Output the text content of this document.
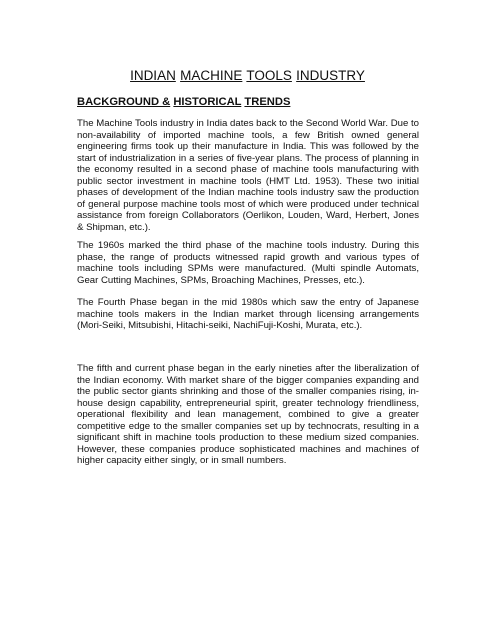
INDIAN MACHINE TOOLS INDUSTRY
BACKGROUND & HISTORICAL TRENDS

The Machine Tools industry in India dates back to the Second World War. Due to non-availability of imported machine tools, a few British owned general engineering firms took up their manufacture in India. This was followed by the start of industrialization in a series of five-year plans. The process of planning in the economy resulted in a second phase of machine tools manufacturing with public sector investment in machine tools (HMT Ltd. 1953). These two initial phases of development of the Indian machine tools industry saw the production of general purpose machine tools most of which were produced under technical assistance from foreign Collaborators (Oerlikon, Louden, Ward, Herbert, Jones & Shipman, etc.).

The 1960s marked the third phase of the machine tools industry. During this phase, the range of products witnessed rapid growth and various types of machine tools including SPMs were manufactured. (Multi spindle Automats, Gear Cutting Machines, SPMs, Broaching Machines, Presses, etc.).

The Fourth Phase began in the mid 1980s which saw the entry of Japanese machine tools makers in the Indian market through licensing arrangements (Mori-Seiki, Mitsubishi, Hitachi-seiki, NachiFuji-Koshi, Murata, etc.).

The fifth and current phase began in the early nineties after the liberalization of the Indian economy. With market share of the bigger companies expanding and the public sector giants shrinking and those of the smaller companies rising, in-house design capability, entrepreneurial spirit, greater technology friendliness, operational flexibility and lean management, combined to give a greater competitive edge to the smaller companies set up by technocrats, resulting in a significant shift in machine tools production to these medium sized companies. However, these companies produce sophisticated machines and machines of higher capacity either singly, or in small numbers.
